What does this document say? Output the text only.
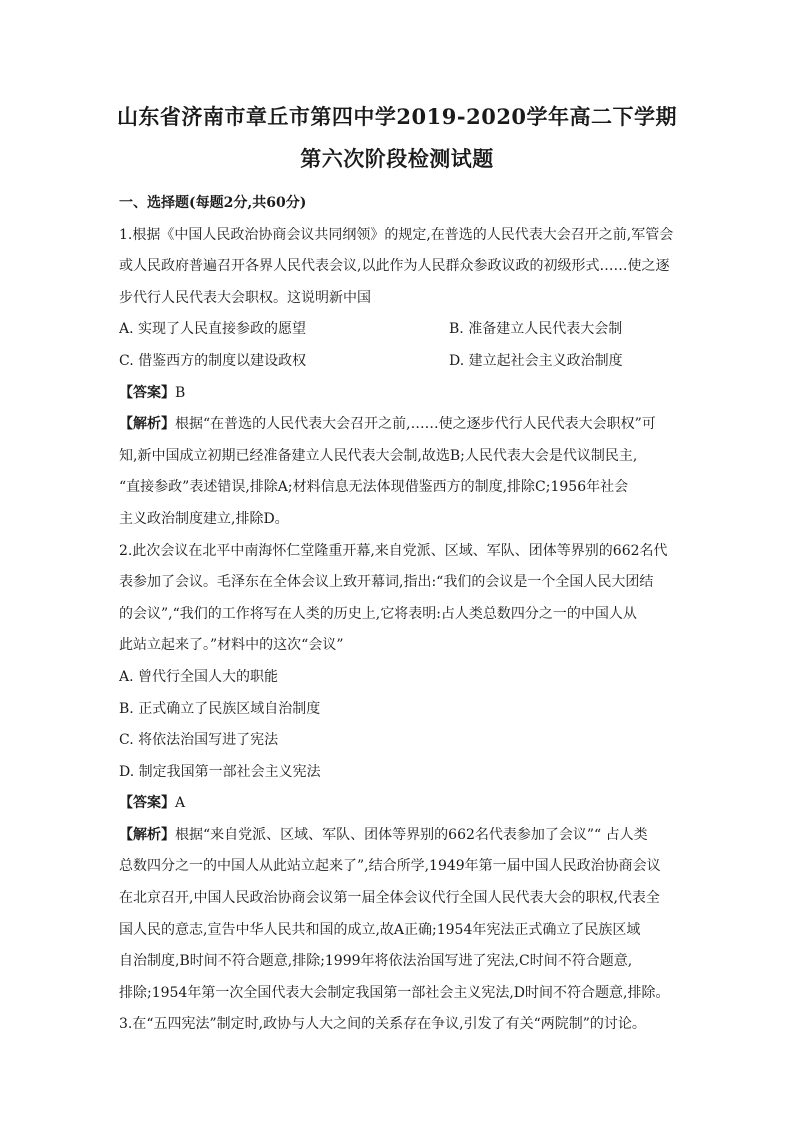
山东省济南市章丘市第四中学2019-2020学年高二下学期
第六次阶段检测试题
一、选择题(每题2分,共60分)
1.根据《中国人民政治协商会议共同纲领》的规定,在普选的人民代表大会召开之前,军管会
或人民政府普遍召开各界人民代表会议,以此作为人民群众参政议政的初级形式……使之逐
步代行人民代表大会职权。这说明新中国
A. 实现了人民直接参政的愿望	B. 准备建立人民代表大会制
C. 借鉴西方的制度以建设政权	D. 建立起社会主义政治制度
【答案】B
【解析】根据“在普选的人民代表大会召开之前,……使之逐步代行人民代表大会职权”可
知,新中国成立初期已经准备建立人民代表大会制,故选B;人民代表大会是代议制民主,
“直接参政”表述错误,排除A;材料信息无法体现借鉴西方的制度,排除C;1956年社会
主义政治制度建立,排除D。
2.此次会议在北平中南海怀仁堂隆重开幕,来自党派、区域、军队、团体等界别的662名代
表参加了会议。毛泽东在全体会议上致开幕词,指出:“我们的会议是一个全国人民大团结
的会议”,“我们的工作将写在人类的历史上,它将表明:占人类总数四分之一的中国人从
此站立起来了。”材料中的这次“会议”
A. 曾代行全国人大的职能
B. 正式确立了民族区域自治制度
C. 将依法治国写进了宪法
D. 制定我国第一部社会主义宪法
【答案】A
【解析】根据“来自党派、区域、军队、团体等界别的662名代表参加了会议”“ 占人类
总数四分之一的中国人从此站立起来了”,结合所学,1949年第一届中国人民政治协商会议
在北京召开,中国人民政治协商会议第一届全体会议代行全国人民代表大会的职权,代表全
国人民的意志,宣告中华人民共和国的成立,故A正确;1954年宪法正式确立了民族区域
自治制度,B时间不符合题意,排除;1999年将依法治国写进了宪法,C时间不符合题意,
排除;1954年第一次全国代表大会制定我国第一部社会主义宪法,D时间不符合题意,排除。
3.在“五四宪法”制定时,政协与人大之间的关系存在争议,引发了有关“两院制”的讨论。
